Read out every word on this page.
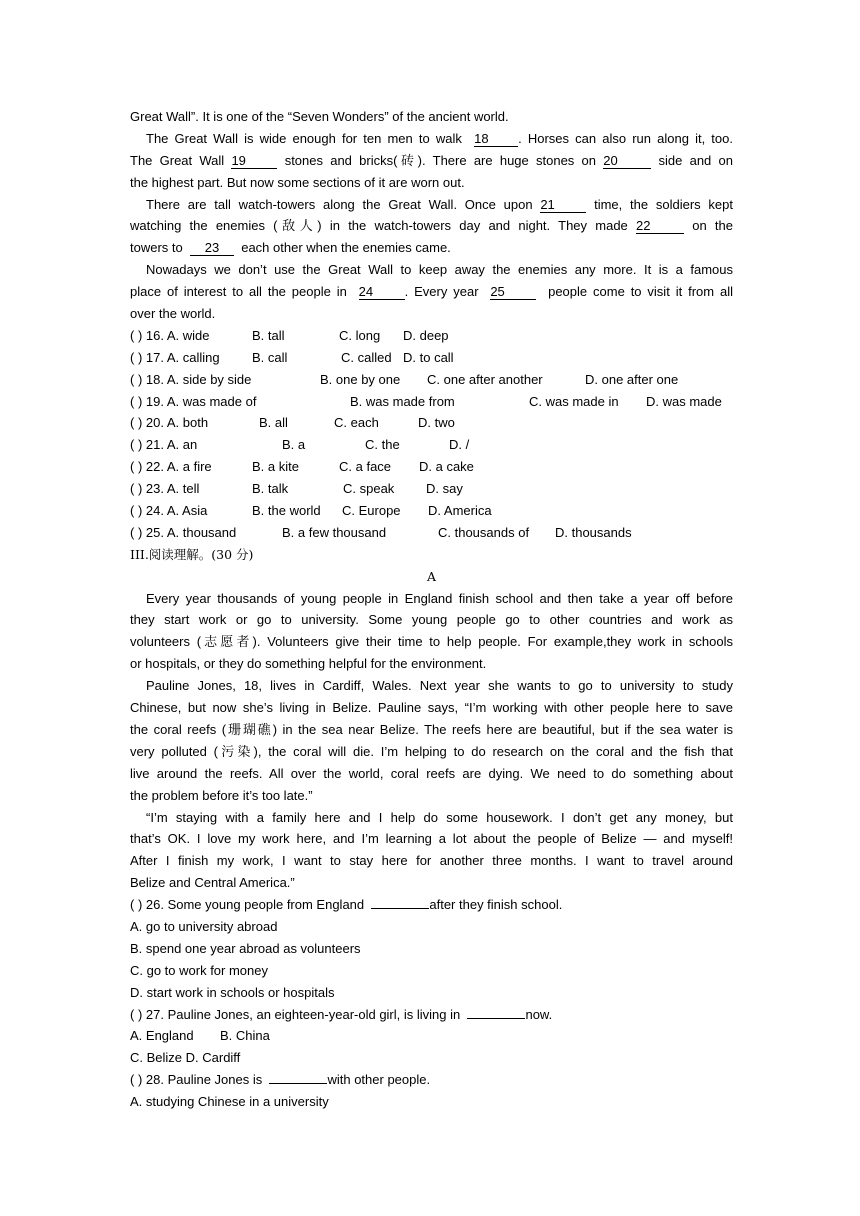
Great Wall”. It is one of the “Seven Wonders” of the ancient world.
The Great Wall is wide enough for ten men to walk 18 . Horses can also run along it, too.
The Great Wall 19	stones and bricks(砖). There are huge stones on 20	side and on
the highest part. But now some sections of it are worn out.
There are tall watch-towers along the Great Wall. Once upon 21	time, the soldiers kept
watching the enemies (敌人) in the watch-towers day and night. They made 22	on the
towers to 23 each other when the enemies came.
Nowadays we don’t use the Great Wall to keep away the enemies any more. It is a famous
place of interest to all the people in 24 . Every year 25	people come to visit it from all
over the world.
( ) 16. A. wide	B. tall	C. long D. deep
( ) 17. A. calling B. call	C. called D. to call
( ) 18. A. side by side	B. one by one C. one after another	D. one after one
( ) 19. A. was made of	B. was made from	C. was made in D. was made
( ) 20. A. both	B. all	C. each	D. two
( ) 21. A. an	B. a	C. the	D. /
( ) 22. A. a fire	B. a kite	C. a face D. a cake
( ) 23. A. tell	B. talk	C. speak D. say
( ) 24. A. Asia	B. the world C. Europe D. America
( ) 25. A. thousand	B. a few thousand	C. thousands of D. thousands
III.阅读理解。(30 分)
A
Every year thousands of young people in England finish school and then take a year off before
they start work or go to university. Some young people go to other countries and work as
volunteers (志愿者). Volunteers give their time to help people. For example,they work in schools
or hospitals, or they do something helpful for the environment.
Pauline Jones, 18, lives in Cardiff, Wales. Next year she wants to go to university to study
Chinese, but now she’s living in Belize. Pauline says, “I’m working with other people here to save
the coral reefs (珊瑚礁) in the sea near Belize. The reefs here are beautiful, but if the sea water is
very polluted (污染), the coral will die. I’m helping to do research on the coral and the fish that
live around the reefs. All over the world, coral reefs are dying. We need to do something about
the problem before it’s too late.”
“I’m staying with a family here and I help do some housework. I don’t get any money, but
that’s OK. I love my work here, and I’m learning a lot about the people of Belize — and myself!
After I finish my work, I want to stay here for another three months. I want to travel around
Belize and Central America.”
( ) 26. Some young people from England	after they finish school.
A. go to university abroad
B. spend one year abroad as volunteers
C. go to work for money
D. start work in schools or hospitals
( ) 27. Pauline Jones, an eighteen-year-old girl, is living in	now.
A. England B. China
C. Belize D. Cardiff
( ) 28. Pauline Jones is	with other people.
A. studying Chinese in a university
